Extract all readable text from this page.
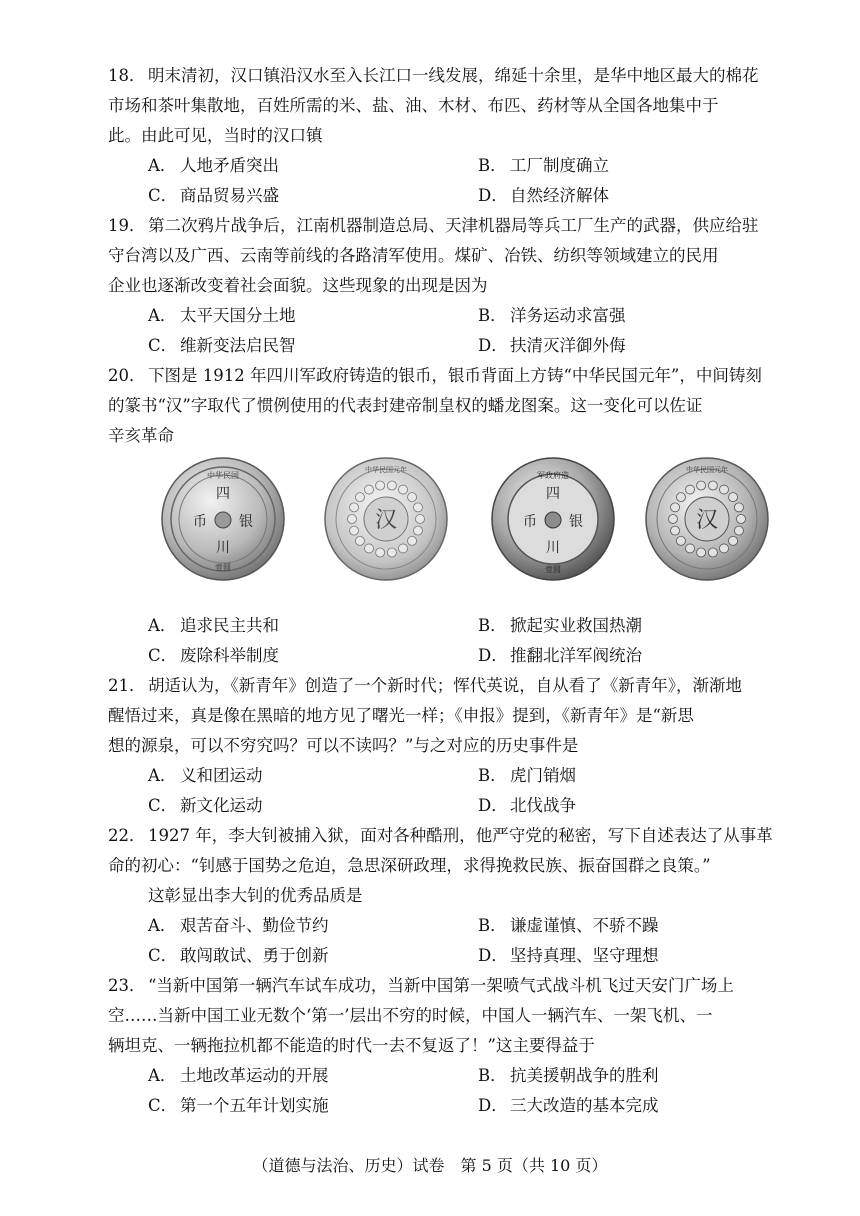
18． 明末清初，汉口镇沿汉水至入长江口一线发展，绵延十余里，是华中地区最大的棉花
市场和茶叶集散地，百姓所需的米、盐、油、木材、布匹、药材等从全国各地集中于
此。由此可见，当时的汉口镇
A． 人地矛盾突出	B． 工厂制度确立
C． 商品贸易兴盛	D． 自然经济解体
19． 第二次鸦片战争后，江南机器制造总局、天津机器局等兵工厂生产的武器，供应给驻
守台湾以及广西、云南等前线的各路清军使用。煤矿、冶铁、纺织等领域建立的民用
企业也逐渐改变着社会面貌。这些现象的出现是因为
A． 太平天国分土地	B． 洋务运动求富强
C． 维新变法启民智	D． 扶清灭洋御外侮
20． 下图是 1912 年四川军政府铸造的银币，银币背面上方铸“中华民国元年”，中间铸刻
的篆书“汉”字取代了惯例使用的代表封建帝制皇权的蟠龙图案。这一变化可以佐证
辛亥革命
中华民国
四
币 银
川
壹圆
中华民国元年
汉
军政府造
四
币 银
川
壹圆
中华民国元年
汉
A． 追求民主共和	B． 掀起实业救国热潮
C． 废除科举制度	D． 推翻北洋军阀统治
21． 胡适认为，《新青年》创造了一个新时代；恽代英说，自从看了《新青年》，渐渐地
醒悟过来，真是像在黑暗的地方见了曙光一样；《申报》提到，《新青年》是“新思
想的源泉，可以不穷究吗？可以不读吗？”与之对应的历史事件是
A． 义和团运动	B． 虎门销烟
C． 新文化运动	D． 北伐战争
22． 1927 年，李大钊被捕入狱，面对各种酷刑，他严守党的秘密，写下自述表达了从事革
命的初心：“钊感于国势之危迫，急思深研政理，求得挽救民族、振奋国群之良策。”
这彰显出李大钊的优秀品质是
A． 艰苦奋斗、勤俭节约	B． 谦虚谨慎、不骄不躁
C． 敢闯敢试、勇于创新	D． 坚持真理、坚守理想
23． “当新中国第一辆汽车试车成功，当新中国第一架喷气式战斗机飞过天安门广场上
空……当新中国工业无数个‘第一’层出不穷的时候，中国人一辆汽车、一架飞机、一
辆坦克、一辆拖拉机都不能造的时代一去不复返了！”这主要得益于
A． 土地改革运动的开展	B． 抗美援朝战争的胜利
C． 第一个五年计划实施	D． 三大改造的基本完成
（道德与法治、历史）试卷　第 5 页（共 10 页）
